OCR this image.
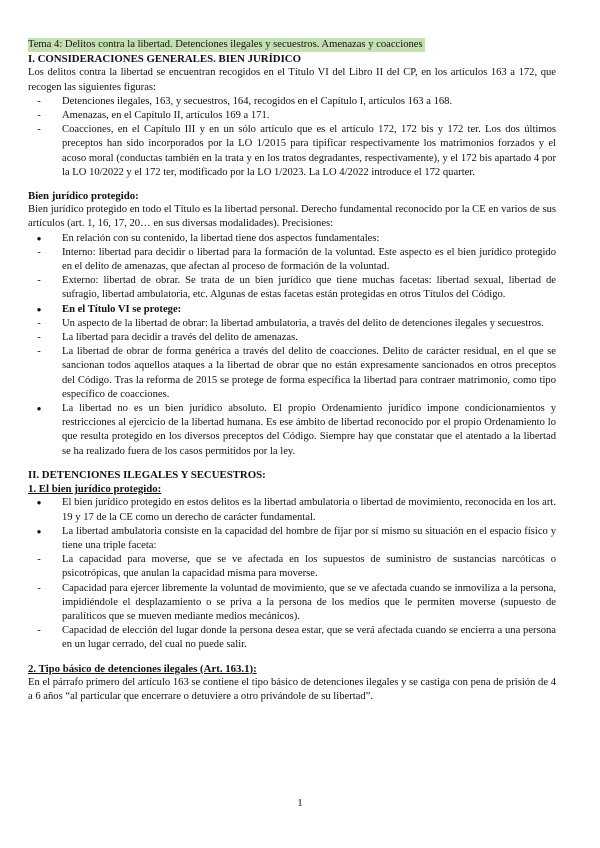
Tema 4: Delitos contra la libertad. Detenciones ilegales y secuestros. Amenazas y coacciones
I. CONSIDERACIONES GENERALES. BIEN JURÍDICO

Los delitos contra la libertad se encuentran recogidos en el Título VI del Libro II del CP, en los artículos 163 a 172, que recogen las siguientes figuras:

-	Detenciones ilegales, 163, y secuestros, 164, recogidos en el Capítulo I, artículos 163 a 168.
-	Amenazas, en el Capítulo II, artículos 169 a 171.
-	Coacciones, en el Capítulo III y en un sólo artículo que es el artículo 172, 172 bis y 172 ter. Los dos últimos preceptos han sido incorporados por la LO 1/2015 para tipificar respectivamente los matrimonios forzados y el acoso moral (conductas también en la trata y en los tratos degradantes, respectivamente), y el 172 bis apartado 4 por la LO 10/2022 y el 172 ter, modificado por la LO 1/2023. La LO 4/2022 introduce el 172 quarter.
Bien jurídico protegido:

Bien jurídico protegido en todo el Título es la libertad personal. Derecho fundamental reconocido por la CE en varios de sus artículos (art. 1, 16, 17, 20… en sus diversas modalidades). Precisiones:

●	En relación con su contenido, la libertad tiene dos aspectos fundamentales:
-	Interno: libertad para decidir o libertad para la formación de la voluntad. Este aspecto es el bien jurídico protegido en el delito de amenazas, que afectan al proceso de formación de la voluntad.
-	Externo: libertad de obrar. Se trata de un bien jurídico que tiene muchas facetas: libertad sexual, libertad de sufragio, libertad ambulatoria, etc. Algunas de estas facetas están protegidas en otros Títulos del Código.
●	En el Título VI se protege:
-	Un aspecto de la libertad de obrar: la libertad ambulatoria, a través del delito de detenciones ilegales y secuestros.
-	La libertad para decidir a través del delito de amenazas.
-	La libertad de obrar de forma genérica a través del delito de coacciones. Delito de carácter residual, en el que se sancionan todos aquellos ataques a la libertad de obrar que no están expresamente sancionados en otros preceptos del Código. Tras la reforma de 2015 se protege de forma específica la libertad para contraer matrimonio, como tipo específico de coacciones.
●	La libertad no es un bien jurídico absoluto. El propio Ordenamiento jurídico impone condicionamientos y restricciones al ejercicio de la libertad humana. Es ese ámbito de libertad reconocido por el propio Ordenamiento lo que resulta protegido en los diversos preceptos del Código. Siempre hay que constatar que el atentado a la libertad se ha realizado fuera de los casos permitidos por la ley.
II. DETENCIONES ILEGALES Y SECUESTROS:
1. El bien jurídico protegido:
●	El bien jurídico protegido en estos delitos es la libertad ambulatoria o libertad de movimiento, reconocida en los art. 19 y 17 de la CE como un derecho de carácter fundamental.
●	La libertad ambulatoria consiste en la capacidad del hombre de fijar por sí mismo su situación en el espacio físico y tiene una triple faceta:
-	La capacidad para moverse, que se ve afectada en los supuestos de suministro de sustancias narcóticas o psicotrópicas, que anulan la capacidad misma para moverse.
-	Capacidad para ejercer libremente la voluntad de movimiento, que se ve afectada cuando se inmoviliza a la persona, impidiéndole el desplazamiento o se priva a la persona de los medios que le permiten moverse (supuesto de paralíticos que se mueven mediante medios mecánicos).
-	Capacidad de elección del lugar donde la persona desea estar, que se verá afectada cuando se encierra a una persona en un lugar cerrado, del cual no puede salir.
2. Tipo básico de detenciones ilegales (Art. 163.1):

En el párrafo primero del artículo 163 se contiene el tipo básico de detenciones ilegales y se castiga con pena de prisión de 4 a 6 años “al particular que encerrare o detuviere a otro privándole de su libertad”.

1
